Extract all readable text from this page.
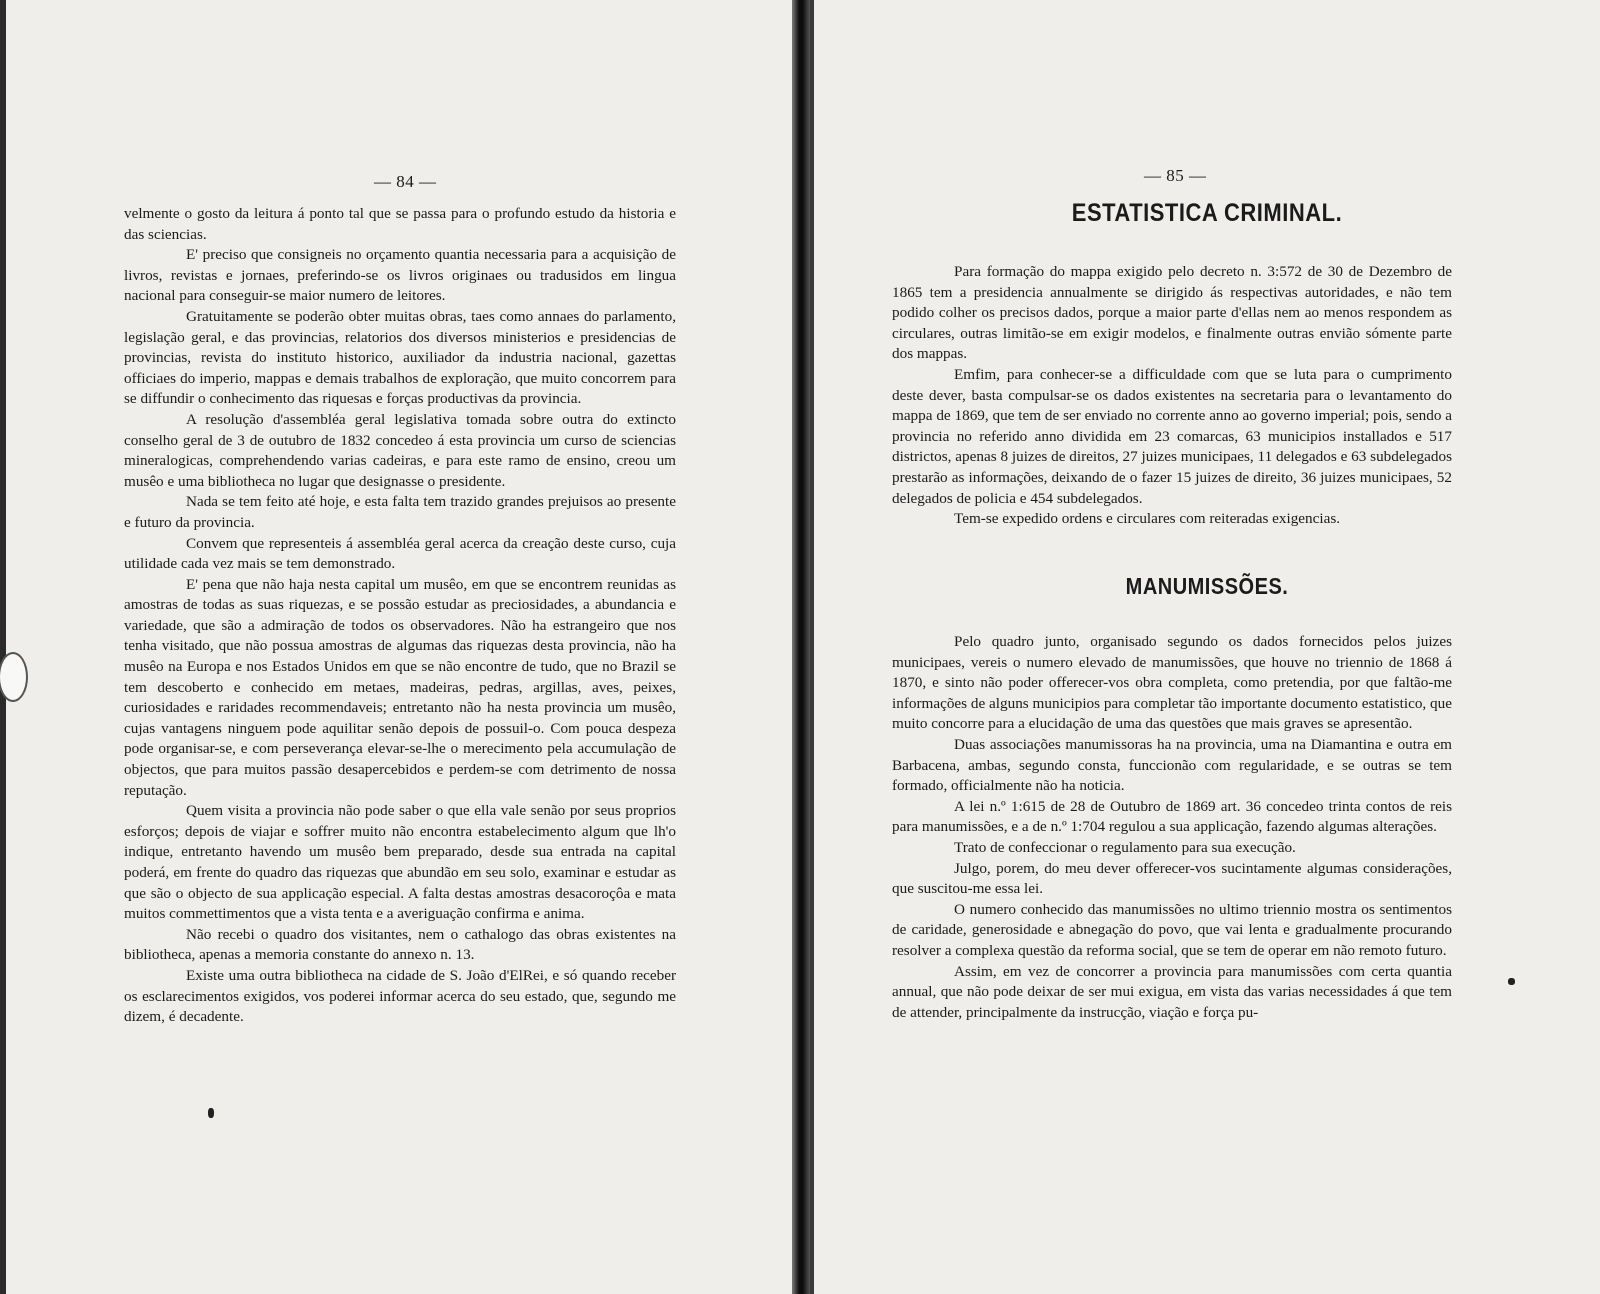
— 84 —

velmente o gosto da leitura á ponto tal que se passa para o profundo estudo da historia e das sciencias.

E' preciso que consigneis no orçamento quantia necessaria para a acquisição de livros, revistas e jornaes, preferindo-se os livros originaes ou tradusidos em lingua nacional para conseguir-se maior numero de leitores.

Gratuitamente se poderão obter muitas obras, taes como annaes do parlamento, legislação geral, e das provincias, relatorios dos diversos ministerios e presidencias de provincias, revista do instituto historico, auxiliador da industria nacional, gazettas officiaes do imperio, mappas e demais trabalhos de exploração, que muito concorrem para se diffundir o conhecimento das riquesas e forças productivas da provincia.

A resolução d'assembléa geral legislativa tomada sobre outra do extincto conselho geral de 3 de outubro de 1832 concedeo á esta provincia um curso de sciencias mineralogicas, comprehendendo varias cadeiras, e para este ramo de ensino, creou um musêo e uma bibliotheca no lugar que designasse o presidente.

Nada se tem feito até hoje, e esta falta tem trazido grandes prejuisos ao presente e futuro da provincia.

Convem que representeis á assembléa geral acerca da creação deste curso, cuja utilidade cada vez mais se tem demonstrado.

E' pena que não haja nesta capital um musêo, em que se encontrem reunidas as amostras de todas as suas riquezas, e se possão estudar as preciosidades, a abundancia e variedade, que são a admiração de todos os observadores. Não ha estrangeiro que nos tenha visitado, que não possua amostras de algumas das riquezas desta provincia, não ha musêo na Europa e nos Estados Unidos em que se não encontre de tudo, que no Brazil se tem descoberto e conhecido em metaes, madeiras, pedras, argillas, aves, peixes, curiosidades e raridades recommendaveis; entretanto não ha nesta provincia um musêo, cujas vantagens ninguem pode aquilitar senão depois de possuil-o. Com pouca despeza pode organisar-se, e com perseverança elevar-se-lhe o merecimento pela accumulação de objectos, que para muitos passão desapercebidos e perdem-se com detrimento de nossa reputação.

Quem visita a provincia não pode saber o que ella vale senão por seus proprios esforços; depois de viajar e soffrer muito não encontra estabelecimento algum que lh'o indique, entretanto havendo um musêo bem preparado, desde sua entrada na capital poderá, em frente do quadro das riquezas que abundão em seu solo, examinar e estudar as que são o objecto de sua applicação especial. A falta destas amostras desacoroçôa e mata muitos commettimentos que a vista tenta e a averiguação confirma e anima.

Não recebi o quadro dos visitantes, nem o cathalogo das obras existentes na bibliotheca, apenas a memoria constante do annexo n. 13.

Existe uma outra bibliotheca na cidade de S. João d'ElRei, e só quando receber os esclarecimentos exigidos, vos poderei informar acerca do seu estado, que, segundo me dizem, é decadente.

— 85 —
ESTATISTICA CRIMINAL.

Para formação do mappa exigido pelo decreto n. 3:572 de 30 de Dezembro de 1865 tem a presidencia annualmente se dirigido ás respectivas autoridades, e não tem podido colher os precisos dados, porque a maior parte d'ellas nem ao menos respondem as circulares, outras limitão-se em exigir modelos, e finalmente outras envião sómente parte dos mappas.

Emfim, para conhecer-se a difficuldade com que se luta para o cumprimento deste dever, basta compulsar-se os dados existentes na secretaria para o levantamento do mappa de 1869, que tem de ser enviado no corrente anno ao governo imperial; pois, sendo a provincia no referido anno dividida em 23 comarcas, 63 municipios installados e 517 districtos, apenas 8 juizes de direitos, 27 juizes municipaes, 11 delegados e 63 subdelegados prestarão as informações, deixando de o fazer 15 juizes de direito, 36 juizes municipaes, 52 delegados de policia e 454 subdelegados.

Tem-se expedido ordens e circulares com reiteradas exigencias.

MANUMISSÕES.

Pelo quadro junto, organisado segundo os dados fornecidos pelos juizes municipaes, vereis o numero elevado de manumissões, que houve no triennio de 1868 á 1870, e sinto não poder offerecer-vos obra completa, como pretendia, por que faltão-me informações de alguns municipios para completar tão importante documento estatistico, que muito concorre para a elucidação de uma das questões que mais graves se apresentão.

Duas associações manumissoras ha na provincia, uma na Diamantina e outra em Barbacena, ambas, segundo consta, funccionão com regularidade, e se outras se tem formado, officialmente não ha noticia.

A lei n.º 1:615 de 28 de Outubro de 1869 art. 36 concedeo trinta contos de reis para manumissões, e a de n.º 1:704 regulou a sua applicação, fazendo algumas alterações.

Trato de confeccionar o regulamento para sua execução.

Julgo, porem, do meu dever offerecer-vos sucintamente algumas considerações, que suscitou-me essa lei.

O numero conhecido das manumissões no ultimo triennio mostra os sentimentos de caridade, generosidade e abnegação do povo, que vai lenta e gradualmente procurando resolver a complexa questão da reforma social, que se tem de operar em não remoto futuro.

Assim, em vez de concorrer a provincia para manumissões com certa quantia annual, que não pode deixar de ser mui exigua, em vista das varias necessidades á que tem de attender, principalmente da instrucção, viação e força pu-
